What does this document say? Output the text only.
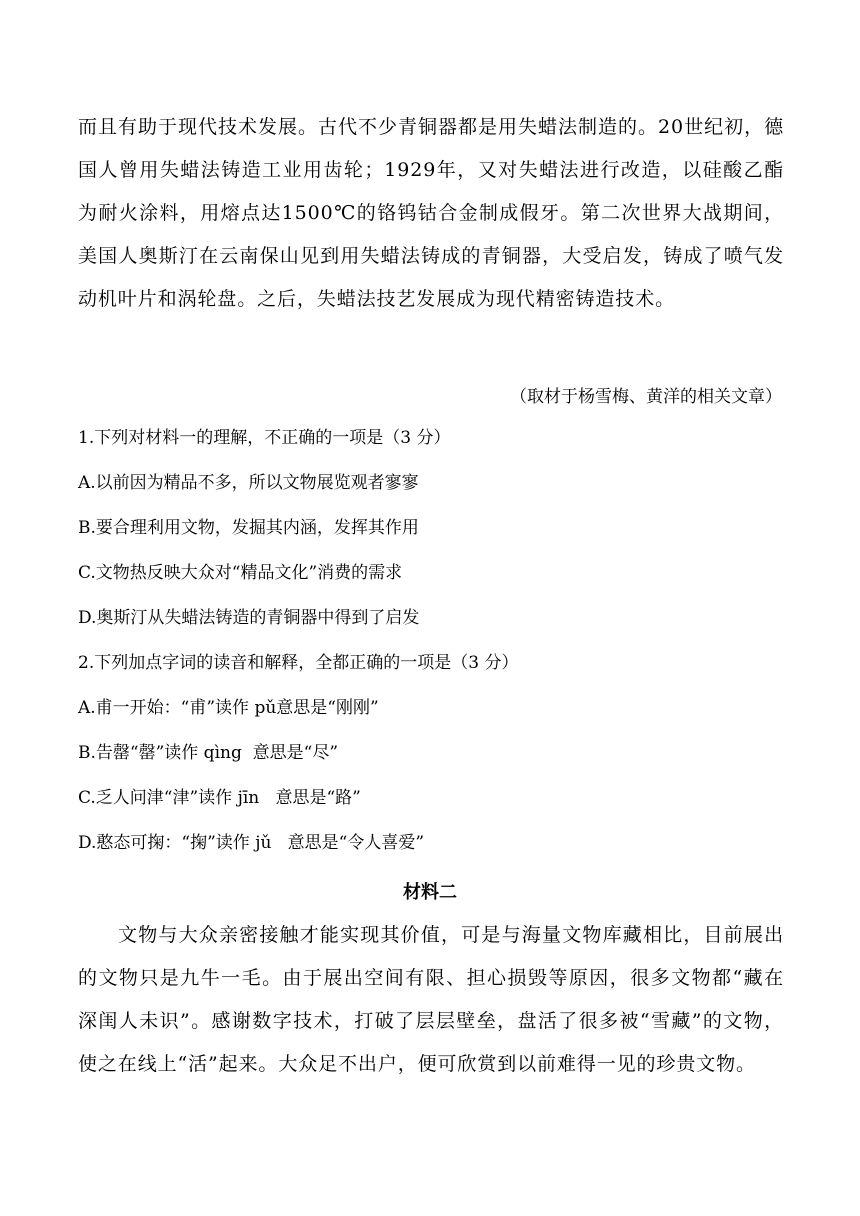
而且有助于现代技术发展。古代不少青铜器都是用失蜡法制造的。20世纪初，德国人曾用失蜡法铸造工业用齿轮；1929年，又对失蜡法进行改造，以硅酸乙酯为耐火涂料，用熔点达1500℃的铬钨钴合金制成假牙。第二次世界大战期间，美国人奥斯汀在云南保山见到用失蜡法铸成的青铜器，大受启发，铸成了喷气发动机叶片和涡轮盘。之后，失蜡法技艺发展成为现代精密铸造技术。

（取材于杨雪梅、黄洋的相关文章）
1.下列对材料一的理解，不正确的一项是（3 分）
A.以前因为精品不多，所以文物展览观者寥寥
B.要合理利用文物，发掘其内涵，发挥其作用
C.文物热反映大众对“精品文化”消费的需求
D.奥斯汀从失蜡法铸造的青铜器中得到了启发
2.下列加点字词的读音和解释，全都正确的一项是（3 分）
A.甫一开始：“甫”读作 pǔ意思是“刚刚”
B.告罄“罄”读作 qìng  意思是“尽”
C.乏人问津“津”读作 jīn   意思是“路”
D.憨态可掬：“掬”读作 jǔ   意思是“令人喜爱”
材料二

文物与大众亲密接触才能实现其价值，可是与海量文物库藏相比，目前展出的文物只是九牛一毛。由于展出空间有限、担心损毁等原因，很多文物都“藏在深闺人未识”。感谢数字技术，打破了层层壁垒，盘活了很多被“雪藏”的文物，使之在线上“活”起来。大众足不出户，便可欣赏到以前难得一见的珍贵文物。
